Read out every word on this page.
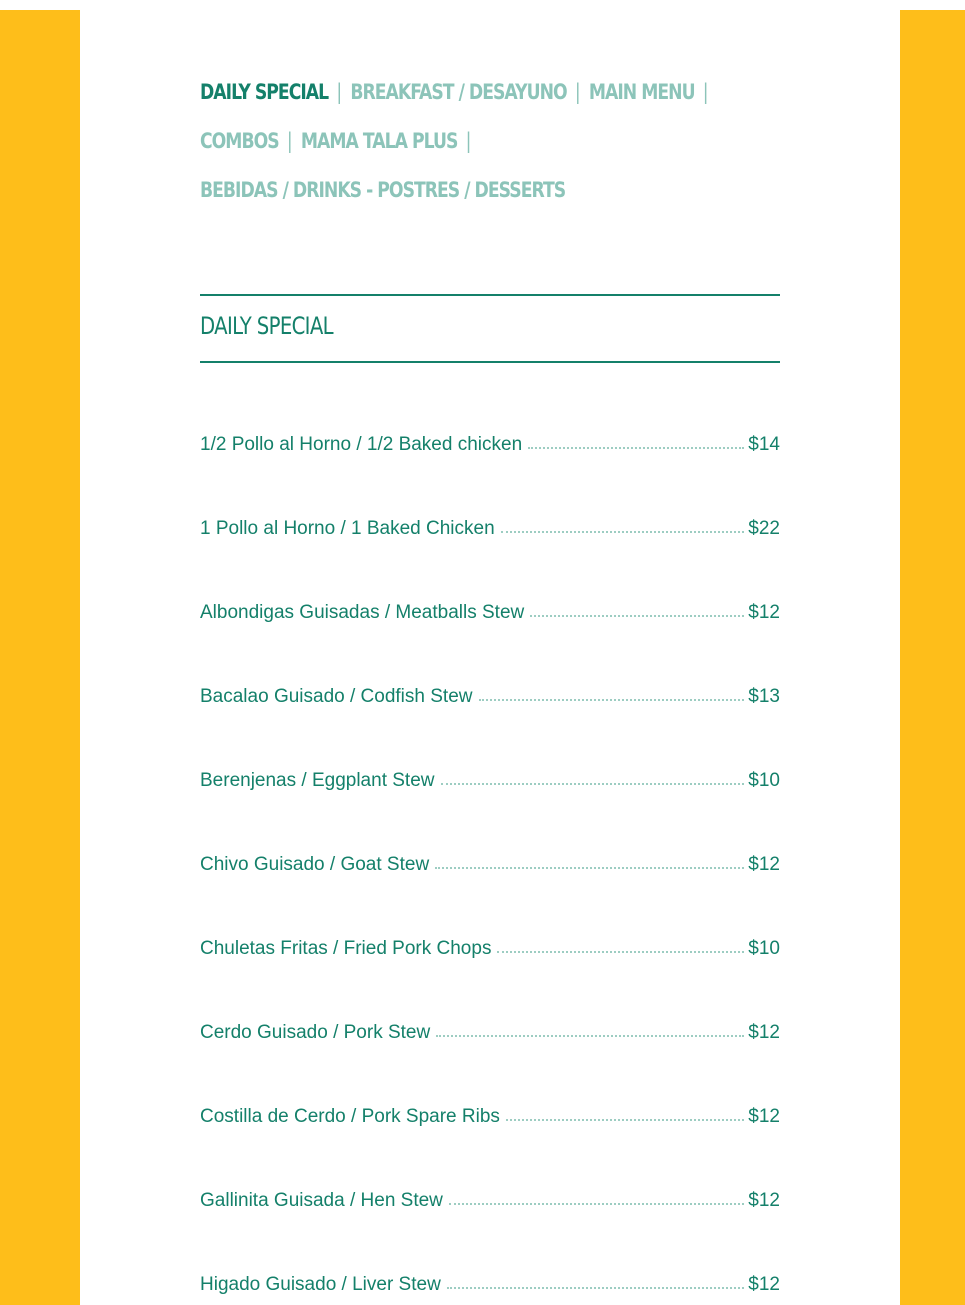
DAILY SPECIAL | BREAKFAST / DESAYUNO | MAIN MENU |
COMBOS | MAMA TALA PLUS |
BEBIDAS / DRINKS - POSTRES / DESSERTS
DAILY SPECIAL
1/2 Pollo al Horno / 1/2 Baked chicken	$14
1 Pollo al Horno / 1 Baked Chicken	$22
Albondigas Guisadas / Meatballs Stew	$12
Bacalao Guisado / Codfish Stew	$13
Berenjenas / Eggplant Stew	$10
Chivo Guisado / Goat Stew	$12
Chuletas Fritas / Fried Pork Chops	$10
Cerdo Guisado / Pork Stew	$12
Costilla de Cerdo / Pork Spare Ribs	$12
Gallinita Guisada / Hen Stew	$12
Higado Guisado / Liver Stew	$12
